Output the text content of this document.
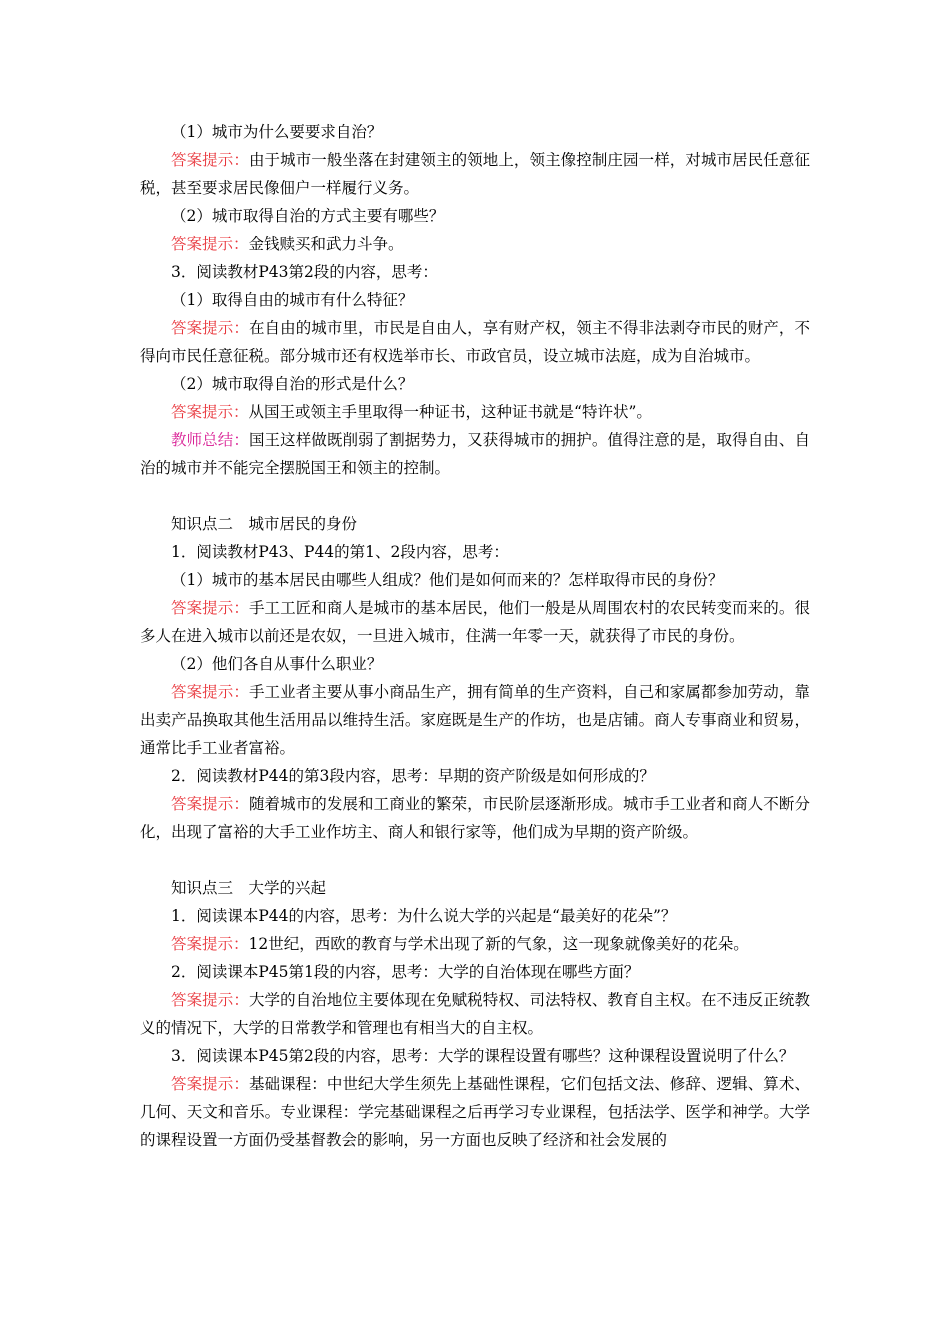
（1）城市为什么要要求自治？

答案提示：由于城市一般坐落在封建领主的领地上，领主像控制庄园一样，对城市居民任意征税，甚至要求居民像佃户一样履行义务。

（2）城市取得自治的方式主要有哪些？

答案提示：金钱赎买和武力斗争。

3．阅读教材P43第2段的内容，思考：

（1）取得自由的城市有什么特征？

答案提示：在自由的城市里，市民是自由人，享有财产权，领主不得非法剥夺市民的财产，不得向市民任意征税。部分城市还有权选举市长、市政官员，设立城市法庭，成为自治城市。

（2）城市取得自治的形式是什么？

答案提示：从国王或领主手里取得一种证书，这种证书就是“特许状”。

教师总结：国王这样做既削弱了割据势力，又获得城市的拥护。值得注意的是，取得自由、自治的城市并不能完全摆脱国王和领主的控制。

知识点二　城市居民的身份

1．阅读教材P43、P44的第1、2段内容，思考：

（1）城市的基本居民由哪些人组成？他们是如何而来的？怎样取得市民的身份？

答案提示：手工工匠和商人是城市的基本居民，他们一般是从周围农村的农民转变而来的。很多人在进入城市以前还是农奴，一旦进入城市，住满一年零一天，就获得了市民的身份。

（2）他们各自从事什么职业？

答案提示：手工业者主要从事小商品生产，拥有简单的生产资料，自己和家属都参加劳动，靠出卖产品换取其他生活用品以维持生活。家庭既是生产的作坊，也是店铺。商人专事商业和贸易，通常比手工业者富裕。

2．阅读教材P44的第3段内容，思考：早期的资产阶级是如何形成的？

答案提示：随着城市的发展和工商业的繁荣，市民阶层逐渐形成。城市手工业者和商人不断分化，出现了富裕的大手工业作坊主、商人和银行家等，他们成为早期的资产阶级。

知识点三　大学的兴起

1．阅读课本P44的内容，思考：为什么说大学的兴起是“最美好的花朵”？

答案提示：12世纪，西欧的教育与学术出现了新的气象，这一现象就像美好的花朵。

2．阅读课本P45第1段的内容，思考：大学的自治体现在哪些方面？

答案提示：大学的自治地位主要体现在免赋税特权、司法特权、教育自主权。在不违反正统教义的情况下，大学的日常教学和管理也有相当大的自主权。

3．阅读课本P45第2段的内容，思考：大学的课程设置有哪些？这种课程设置说明了什么？

答案提示：基础课程：中世纪大学生须先上基础性课程，它们包括文法、修辞、逻辑、算术、几何、天文和音乐。专业课程：学完基础课程之后再学习专业课程，包括法学、医学和神学。大学的课程设置一方面仍受基督教会的影响，另一方面也反映了经济和社会发展的
